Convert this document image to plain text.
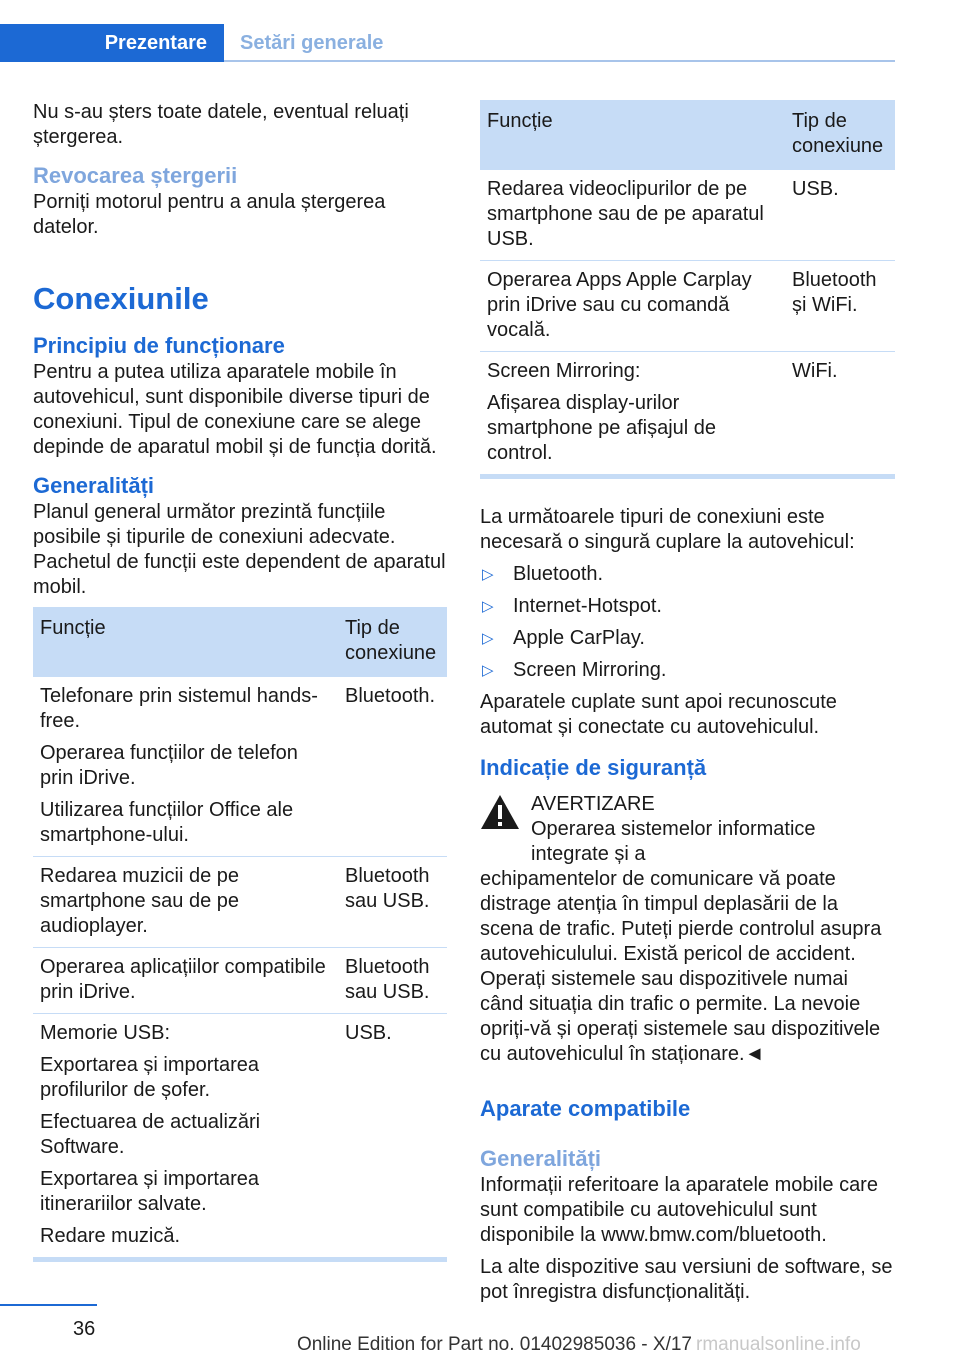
Prezentare	Setări generale

Nu s-au șters toate datele, eventual reluați ștergerea.

Revocarea ștergerii

Porniți motorul pentru a anula ștergerea datelor.

Conexiunile
Principiu de funcționare

Pentru a putea utiliza aparatele mobile în autovehicul, sunt disponibile diverse tipuri de conexiuni. Tipul de conexiune care se alege depinde de aparatul mobil și de funcția dorită.

Generalități

Planul general următor prezintă funcțiile posibile și tipurile de conexiuni adecvate. Pachetul de funcții este dependent de aparatul mobil.

Funcție	Tip de conexiune

Telefonare prin sistemul hands-free.

Operarea funcțiilor de telefon prin iDrive.

Utilizarea funcțiilor Office ale smartphone-ului.	Bluetooth.

Redarea muzicii de pe smartphone sau de pe audioplayer.	Bluetooth sau USB.

Operarea aplicațiilor compatibile prin iDrive.	Bluetooth sau USB.

Memorie USB:

Exportarea și importarea profilurilor de șofer.

Efectuarea de actualizări Software.

Exportarea și importarea itinerariilor salvate.

Redare muzică.	USB.
Funcție	Tip de conexiune

Redarea videoclipurilor de pe smartphone sau de pe aparatul USB.	USB.

Operarea Apps Apple Carplay prin iDrive sau cu comandă vocală.	Bluetooth și WiFi.

Screen Mirroring:

Afișarea display-urilor smartphone pe afișajul de control.	WiFi.

La următoarele tipuri de conexiuni este necesară o singură cuplare la autovehicul:

▷ Bluetooth.
▷ Internet-Hotspot.
▷ Apple CarPlay.
▷ Screen Mirroring.

Aparatele cuplate sunt apoi recunoscute automat și conectate cu autovehiculul.

Indicație de siguranță

AVERTIZARE

Operarea sistemelor informatice integrate și a

echipamentelor de comunicare vă poate distrage atenția în timpul deplasării de la scena de trafic. Puteți pierde controlul asupra autovehiculului. Există pericol de accident. Operați sistemele sau dispozitivele numai când situația din trafic o permite. La nevoie opriți-vă și operați sistemele sau dispozitivele cu autovehiculul în staționare.◄

Aparate compatibile
Generalități

Informații referitoare la aparatele mobile care sunt compatibile cu autovehiculul sunt disponibile la www.bmw.com/bluetooth.

La alte dispozitive sau versiuni de software, se pot înregistra disfuncționalități.

36
Online Edition for Part no. 01402985036 - X/17 rmanualsonline.info
